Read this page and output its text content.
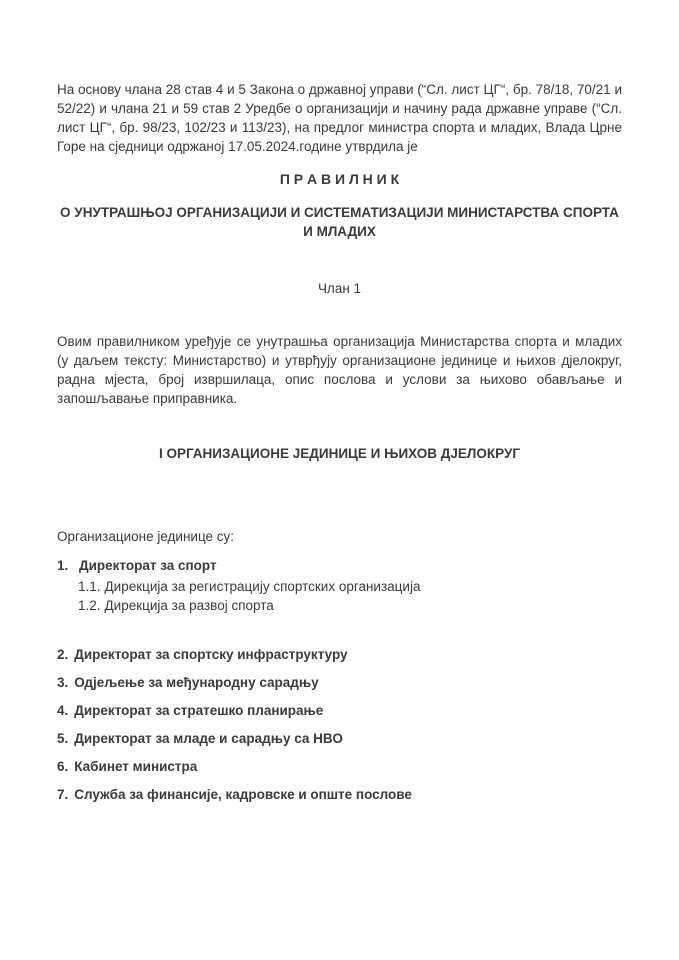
На основу члана 28 став 4 и 5 Закона о државној управи (“Сл. лист ЦГ“, бр. 78/18, 70/21 и 52/22) и члана 21 и 59 став 2 Уредбе о организацији и начину рада државне управе (“Сл. лист ЦГ“, бр. 98/23, 102/23 и 113/23), на предлог министра спорта и младих, Влада Црне Горе на сједници одржаној 17.05.2024.године утврдила је

П Р А В И Л Н И К

О УНУТРАШЊОЈ ОРГАНИЗАЦИЈИ И СИСТЕМАТИЗАЦИЈИ МИНИСТАРСТВА СПОРТА И МЛАДИХ

Члан 1

Овим правилником уређује се унутрашња организација Министарства спорта и младих (у даљем тексту: Министарство) и утврђују организационе јединице и њихов дјелокруг, радна мјеста, број извршилаца, опис послова и услови за њихово обављање и запошљавање приправника.

I ОРГАНИЗАЦИОНЕ ЈЕДИНИЦЕ И ЊИХОВ ДЈЕЛОКРУГ

Организационе јединице су:

1. Директорат за спорт
1.1. Дирекција за регистрацију спортских организација
1.2. Дирекција за развој спорта
2. Директорат за спортску инфраструктуру
3. Одјељење за међународну сарадњу
4. Директорат за стратешко планирање
5. Директорат за младе и сарадњу са НВО
6. Кабинет министра
7. Служба за финансије, кадровске и опште послове
